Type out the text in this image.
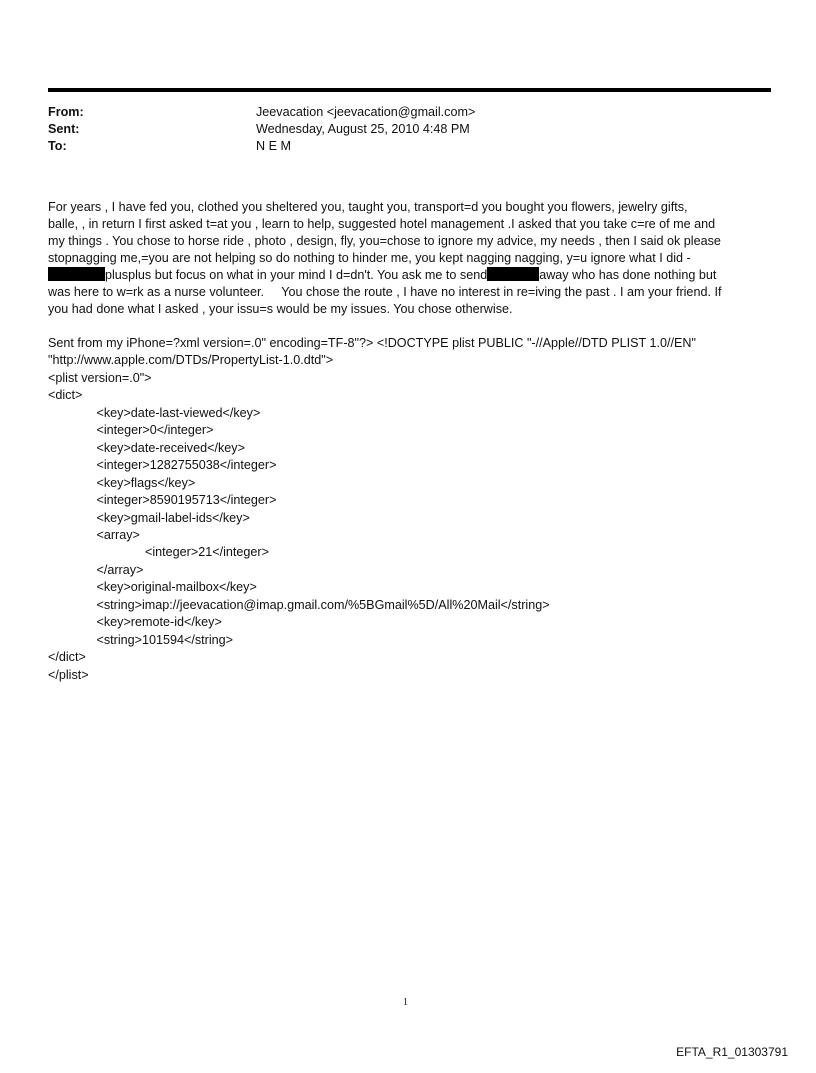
From:	Jeevacation <jeevacation@gmail.com>
Sent:	Wednesday, August 25, 2010 4:48 PM
To:	N E M
For years , I have fed you, clothed you sheltered you, taught you, transport=d you bought you flowers, jewelry gifts,
balle, , in return I first asked t=at you , learn to help, suggested hotel management .I asked that you take c=re of me and
my things . You chose to horse ride , photo , design, fly, you=chose to ignore my advice, my needs , then I said ok please
stopnagging me,=you are not helping so do nothing to hinder me, you kept nagging nagging, y=u ignore what I did -
plusplus but focus on what in your mind I d=dn't. You ask me to send	away who has done nothing but
was here to w=rk as a nurse volunteer.     You chose the route , I have no interest in re=iving the past . I am your friend. If
you had done what I asked , your issu=s would be my issues. You chose otherwise.
Sent from my iPhone=?xml version=.0" encoding=TF-8"?> <!DOCTYPE plist PUBLIC "-//Apple//DTD PLIST 1.0//EN"
"http://www.apple.com/DTDs/PropertyList-1.0.dtd">
<plist version=.0">
<dict>
<key>date-last-viewed</key>
<integer>0</integer>
<key>date-received</key>
<integer>1282755038</integer>
<key>flags</key>
<integer>8590195713</integer>
<key>gmail-label-ids</key>
<array>
<integer>21</integer>
</array>
<key>original-mailbox</key>
<string>imap://jeevacation@imap.gmail.com/%5BGmail%5D/All%20Mail</string>
<key>remote-id</key>
<string>101594</string>
</dict>
</plist>
1
EFTA_R1_01303791
